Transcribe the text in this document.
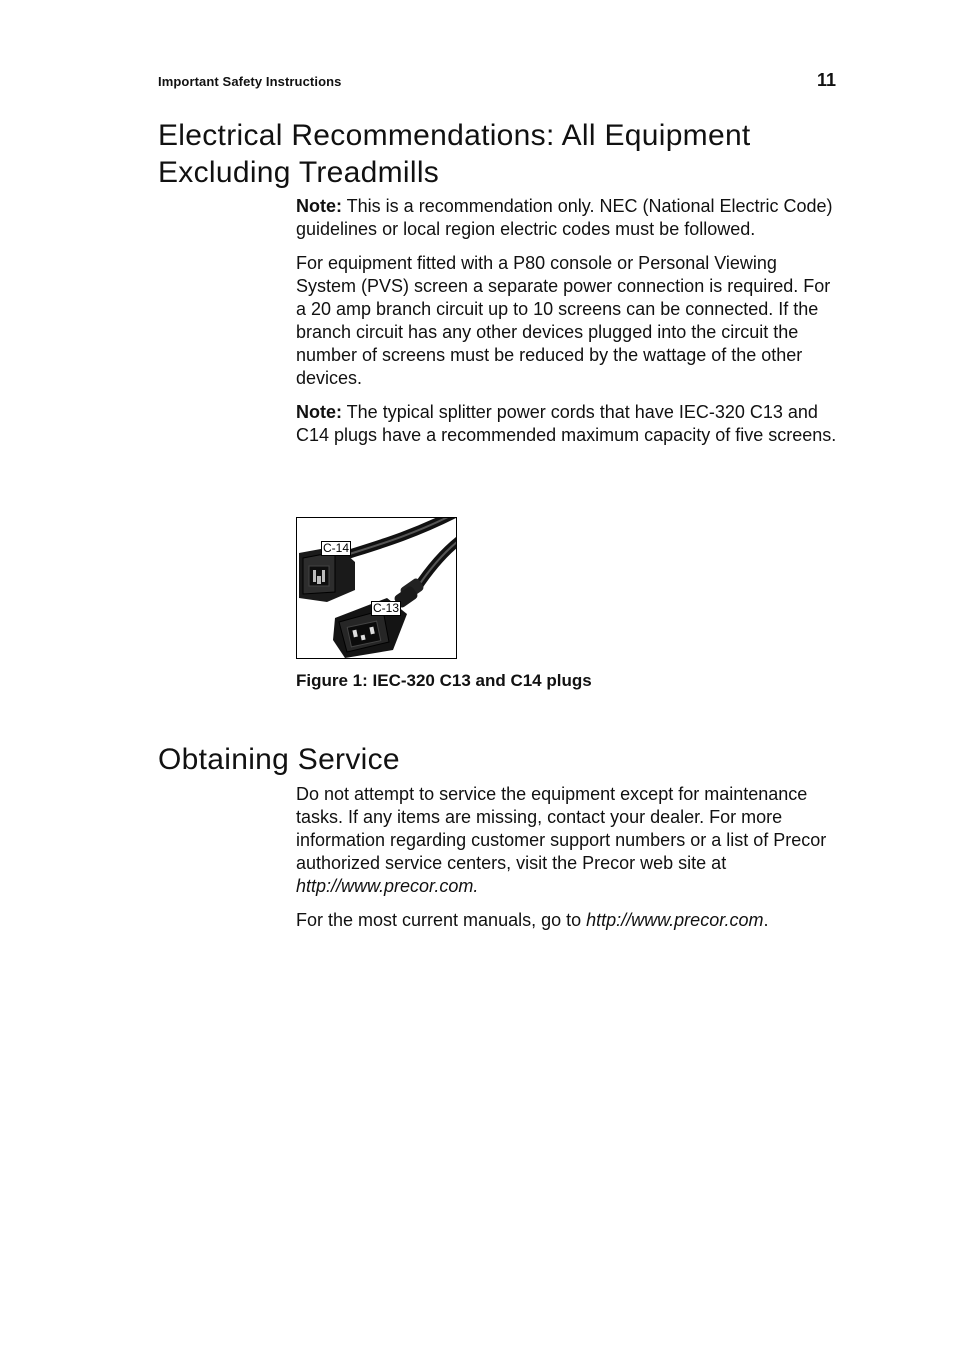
Important Safety Instructions	11
Electrical Recommendations: All Equipment Excluding Treadmills

Note: This is a recommendation only. NEC (National Electric Code) guidelines or local region electric codes must be followed.

For equipment fitted with a P80 console or Personal Viewing System (PVS) screen a separate power connection is required. For a 20 amp branch circuit up to 10 screens can be connected. If the branch circuit has any other devices plugged into the circuit the number of screens must be reduced by the wattage of the other devices.

Note: The typical splitter power cords that have IEC-320 C13 and C14 plugs have a recommended maximum capacity of five screens.

C-14
C-13
Figure 1: IEC-320 C13 and C14 plugs
Obtaining Service

Do not attempt to service the equipment except for maintenance tasks. If any items are missing, contact your dealer. For more information regarding customer support numbers or a list of Precor authorized service centers, visit the Precor web site at http://www.precor.com.

For the most current manuals, go to http://www.precor.com.
